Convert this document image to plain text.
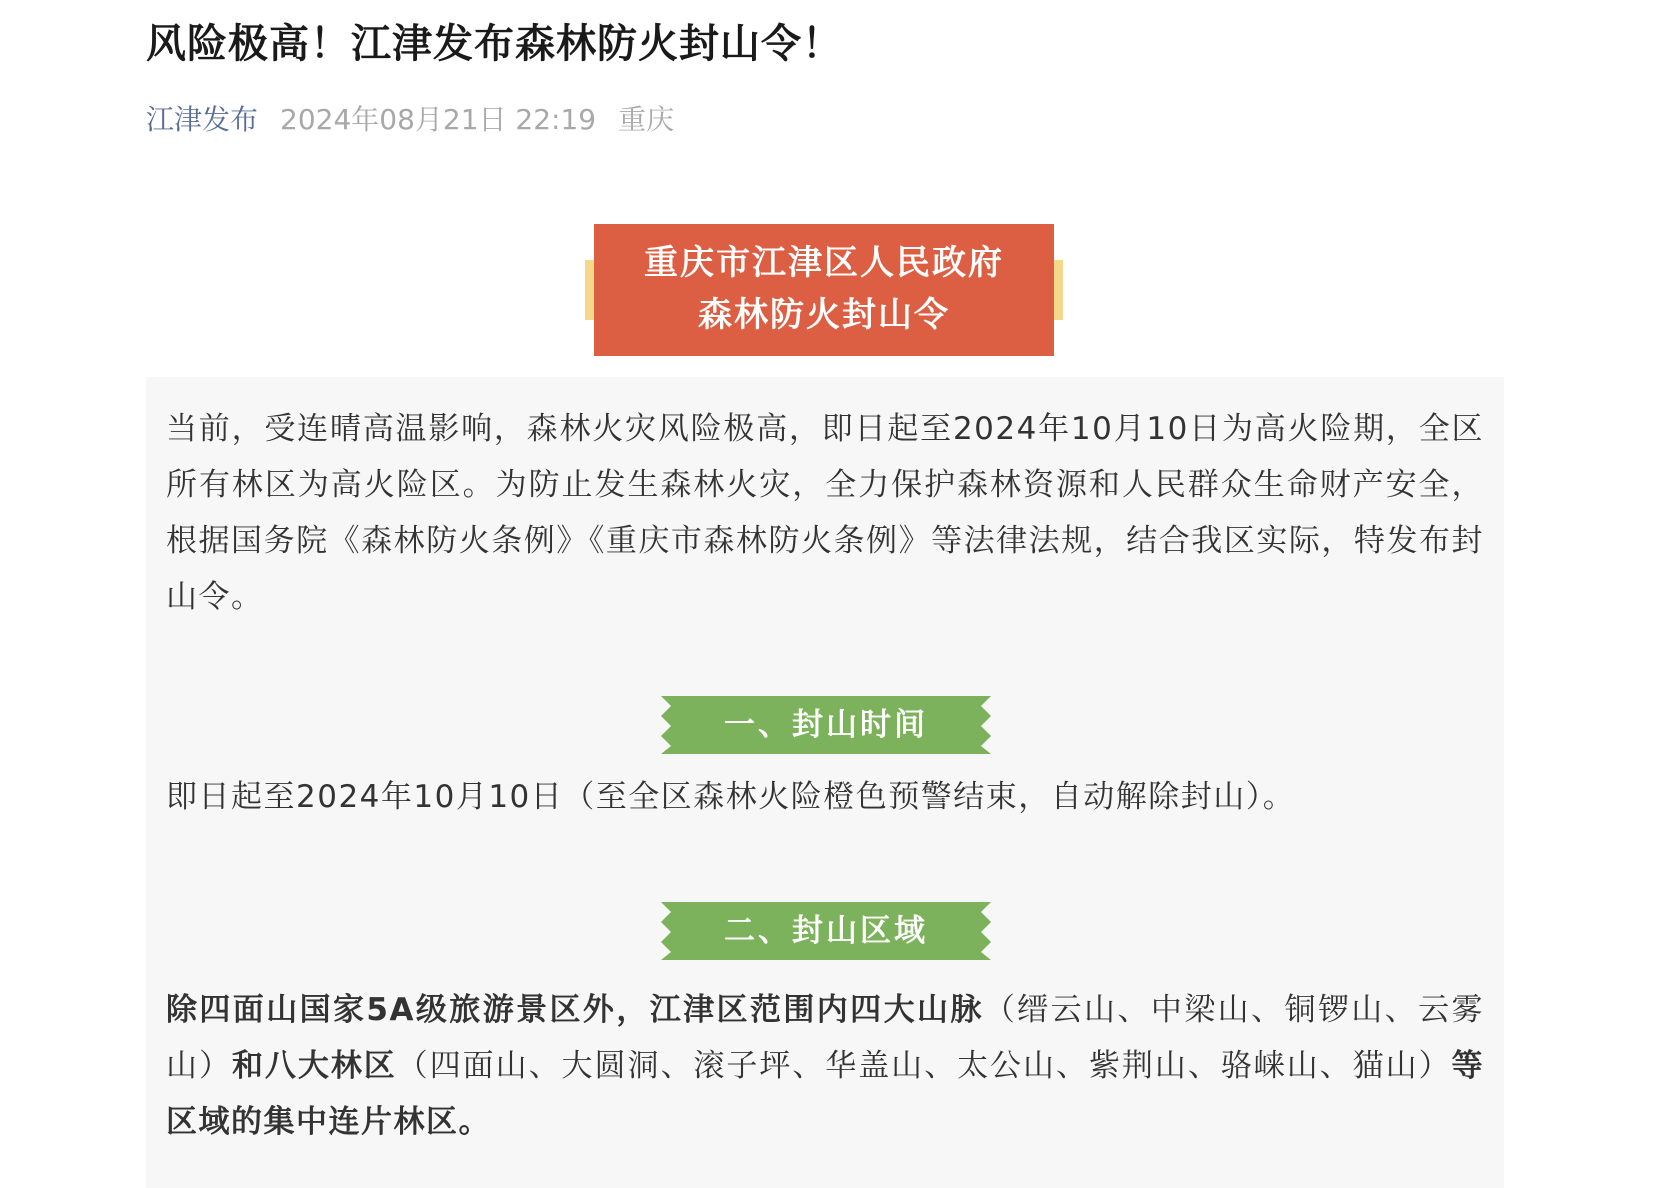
风险极高！江津发布森林防火封山令！
江津发布 2024年08月21日 22:19 重庆
重庆市江津区人民政府
森林防火封山令
当前，受连晴高温影响，森林火灾风险极高，即日起至2024年10月10日为高火险期，全区所有林区为高火险区。为防止发生森林火灾，全力保护森林资源和人民群众生命财产安全，根据国务院《森林防火条例》《重庆市森林防火条例》等法律法规，结合我区实际，特发布封山令。
一、封山时间
即日起至2024年10月10日（至全区森林火险橙色预警结束，自动解除封山）。
二、封山区域
除四面山国家5A级旅游景区外，江津区范围内四大山脉（缙云山、中梁山、铜锣山、云雾山）和八大林区（四面山、大圆洞、滚子坪、华盖山、太公山、紫荆山、骆崃山、猫山）等区域的集中连片林区。
